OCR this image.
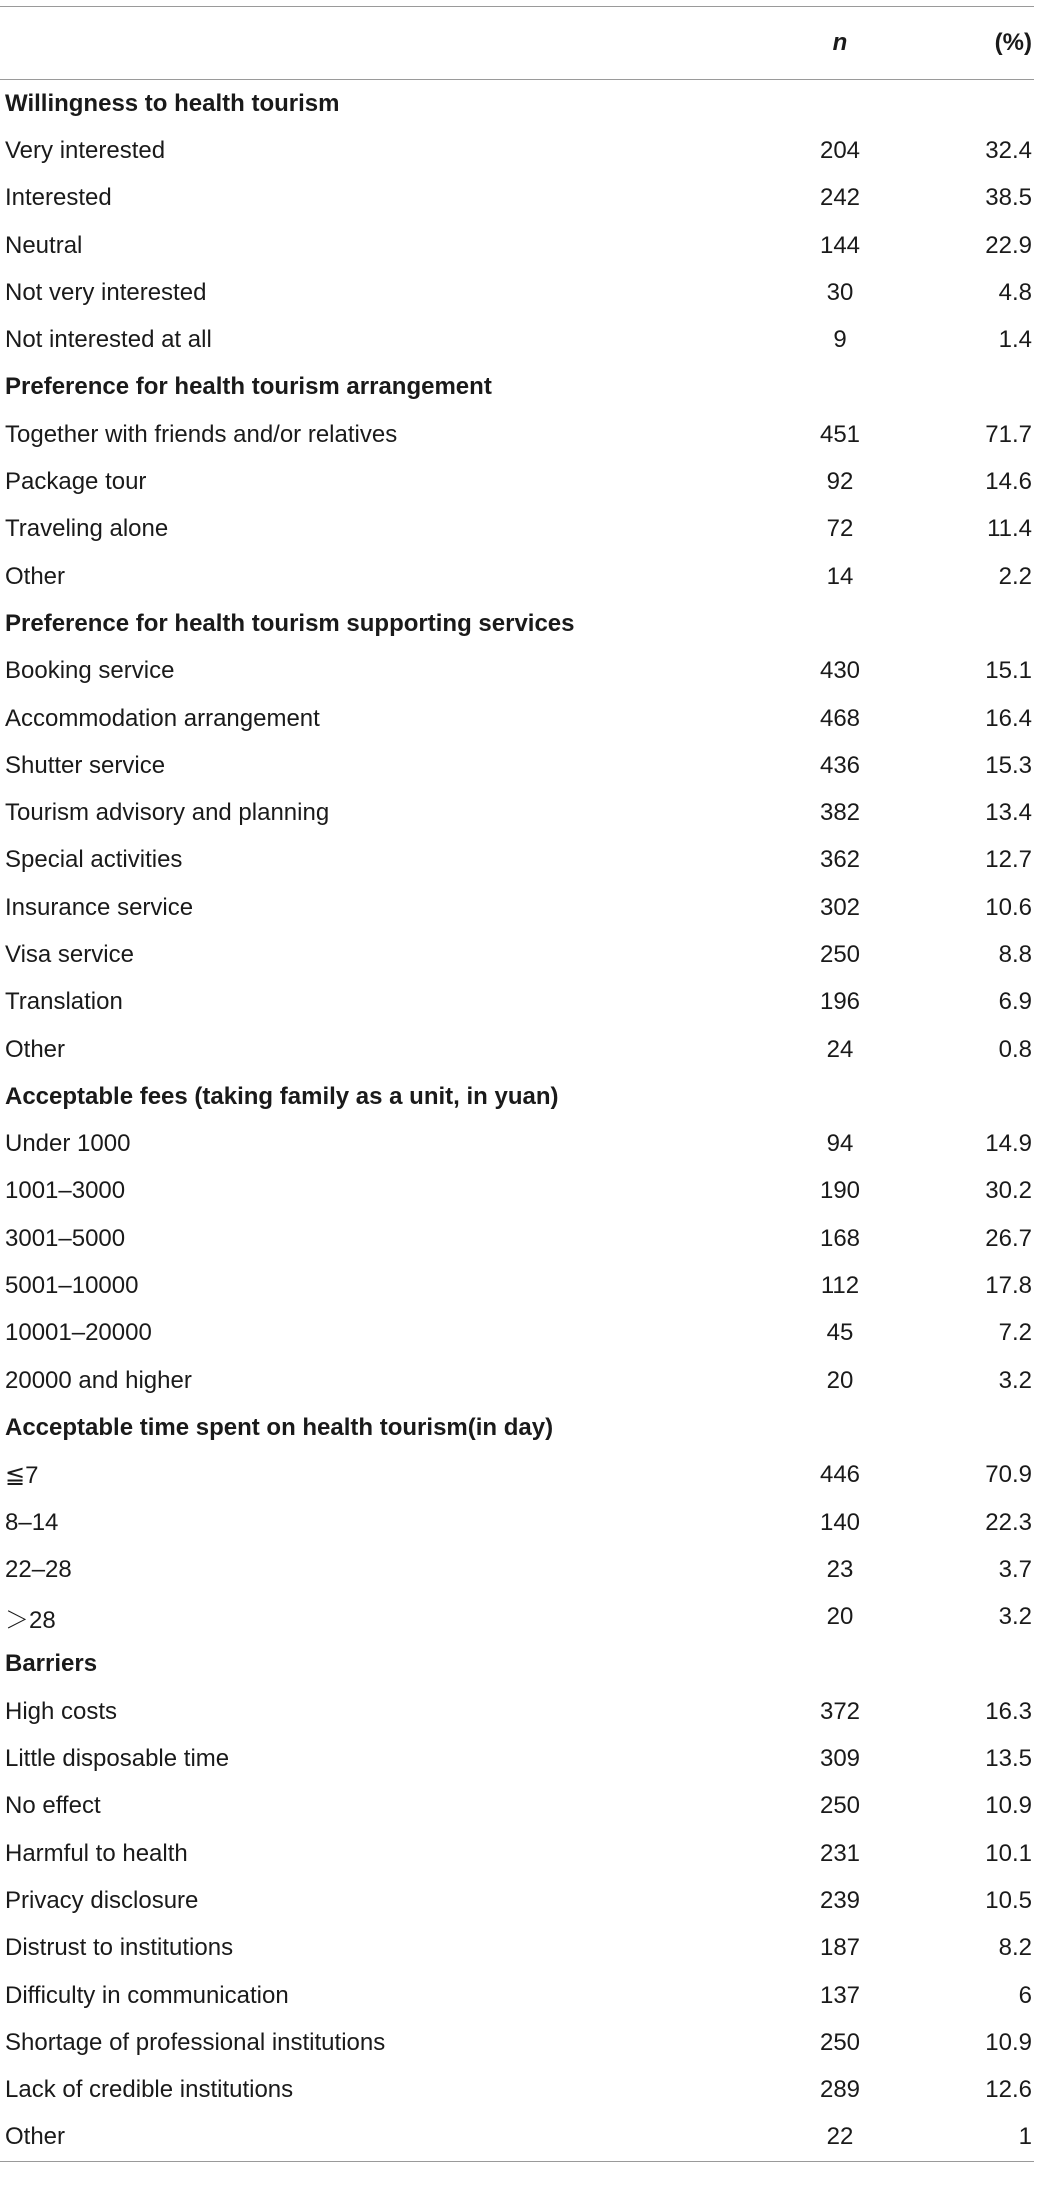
	n	(%)
Willingness to health tourism		
Very interested	204	32.4
Interested	242	38.5
Neutral	144	22.9
Not very interested	30	4.8
Not interested at all	9	1.4
Preference for health tourism arrangement		
Together with friends and/or relatives	451	71.7
Package tour	92	14.6
Traveling alone	72	11.4
Other	14	2.2
Preference for health tourism supporting services		
Booking service	430	15.1
Accommodation arrangement	468	16.4
Shutter service	436	15.3
Tourism advisory and planning	382	13.4
Special activities	362	12.7
Insurance service	302	10.6
Visa service	250	8.8
Translation	196	6.9
Other	24	0.8
Acceptable fees (taking family as a unit, in yuan)		
Under 1000	94	14.9
1001–3000	190	30.2
3001–5000	168	26.7
5001–10000	112	17.8
10001–20000	45	7.2
20000 and higher	20	3.2
Acceptable time spent on health tourism(in day)		
≦7	446	70.9
8–14	140	22.3
22–28	23	3.7
＞28	20	3.2
Barriers		
High costs	372	16.3
Little disposable time	309	13.5
No effect	250	10.9
Harmful to health	231	10.1
Privacy disclosure	239	10.5
Distrust to institutions	187	8.2
Difficulty in communication	137	6
Shortage of professional institutions	250	10.9
Lack of credible institutions	289	12.6
Other	22	1
